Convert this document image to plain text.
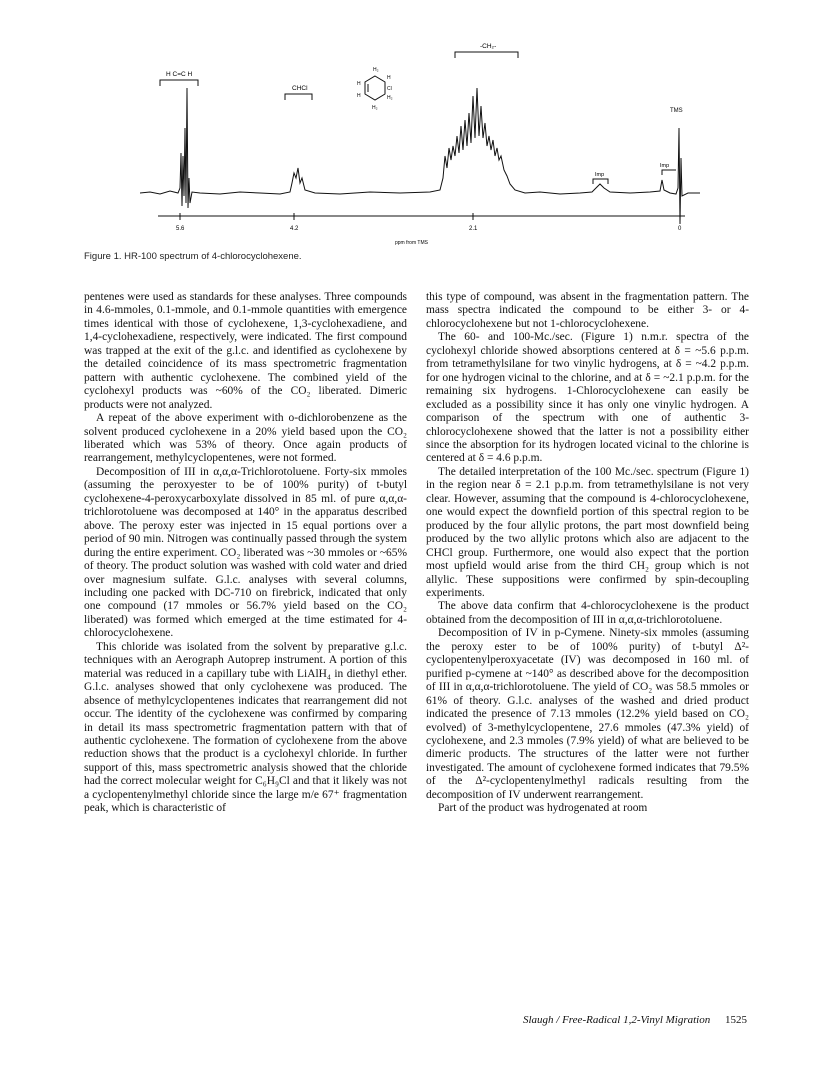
5.6	4.2	2.1	0
ppm from TMS
H C=C H
CHCl
-CH₂-
TMS
Imp
Imp
H₂
H
H
Cl
H	H₂
H₂
Figure 1. HR-100 spectrum of 4-chlorocyclohexene.

pentenes were used as standards for these analyses. Three compounds in 4.6-mmoles, 0.1-mmole, and 0.1-mmole quantities with emergence times identical with those of cyclohexene, 1,3-cyclohexadiene, and 1,4-cyclohexadiene, respectively, were indicated. The first compound was trapped at the exit of the g.l.c. and identified as cyclohexene by the detailed coincidence of its mass spectrometric fragmentation pattern with authentic cyclohexene. The combined yield of the cyclohexyl products was ~60% of the CO₂ liberated. Dimeric products were not analyzed.

A repeat of the above experiment with o-dichlorobenzene as the solvent produced cyclohexene in a 20% yield based upon the CO₂ liberated which was 53% of theory. Once again products of rearrangement, methylcyclopentenes, were not formed.

Decomposition of III in α,α,α-Trichlorotoluene. Forty-six mmoles (assuming the peroxyester to be of 100% purity) of t-butyl cyclohexene-4-peroxycarboxylate dissolved in 85 ml. of pure α,α,α-trichlorotoluene was decomposed at 140° in the apparatus described above. The peroxy ester was injected in 15 equal portions over a period of 90 min. Nitrogen was continually passed through the system during the entire experiment. CO₂ liberated was ~30 mmoles or ~65% of theory. The product solution was washed with cold water and dried over magnesium sulfate. G.l.c. analyses with several columns, including one packed with DC-710 on firebrick, indicated that only one compound (17 mmoles or 56.7% yield based on the CO₂ liberated) was formed which emerged at the time estimated for 4-chlorocyclohexene.

This chloride was isolated from the solvent by preparative g.l.c. techniques with an Aerograph Autoprep instrument. A portion of this material was reduced in a capillary tube with LiAlH₄ in diethyl ether. G.l.c. analyses showed that only cyclohexene was produced. The absence of methylcyclopentenes indicates that rearrangement did not occur. The identity of the cyclohexene was confirmed by comparing in detail its mass spectrometric fragmentation pattern with that of authentic cyclohexene. The formation of cyclohexene from the above reduction shows that the product is a cyclohexyl chloride. In further support of this, mass spectrometric analysis showed that the chloride had the correct molecular weight for C₆H₉Cl and that it likely was not a cyclopentenylmethyl chloride since the large m/e 67⁺ fragmentation peak, which is characteristic of

this type of compound, was absent in the fragmentation pattern. The mass spectra indicated the compound to be either 3- or 4-chlorocyclohexene but not 1-chlorocyclohexene.

The 60- and 100-Mc./sec. (Figure 1) n.m.r. spectra of the cyclohexyl chloride showed absorptions centered at δ = ~5.6 p.p.m. from tetramethylsilane for two vinylic hydrogens, at δ = ~4.2 p.p.m. for one hydrogen vicinal to the chlorine, and at δ = ~2.1 p.p.m. for the remaining six hydrogens. 1-Chlorocyclohexene can easily be excluded as a possibility since it has only one vinylic hydrogen. A comparison of the spectrum with one of authentic 3-chlorocyclohexene showed that the latter is not a possibility either since the absorption for its hydrogen located vicinal to the chlorine is centered at δ = 4.6 p.p.m.

The detailed interpretation of the 100 Mc./sec. spectrum (Figure 1) in the region near δ = 2.1 p.p.m. from tetramethylsilane is not very clear. However, assuming that the compound is 4-chlorocyclohexene, one would expect the downfield portion of this spectral region to be produced by the four allylic protons, the part most downfield being produced by the two allylic protons which also are adjacent to the CHCl group. Furthermore, one would also expect that the portion most upfield would arise from the third CH₂ group which is not allylic. These suppositions were confirmed by spin-decoupling experiments.

The above data confirm that 4-chlorocyclohexene is the product obtained from the decomposition of III in α,α,α-trichlorotoluene.

Decomposition of IV in p-Cymene. Ninety-six mmoles (assuming the peroxy ester to be of 100% purity) of t-butyl Δ²-cyclopentenylperoxyacetate (IV) was decomposed in 160 ml. of purified p-cymene at ~140° as described above for the decomposition of III in α,α,α-trichlorotoluene. The yield of CO₂ was 58.5 mmoles or 61% of theory. G.l.c. analyses of the washed and dried product indicated the presence of 7.13 mmoles (12.2% yield based on CO₂ evolved) of 3-methylcyclopentene, 27.6 mmoles (47.3% yield) of cyclohexene, and 2.3 mmoles (7.9% yield) of what are believed to be dimeric products. The structures of the latter were not further investigated. The amount of cyclohexene formed indicates that 79.5% of the Δ²-cyclopentenylmethyl radicals resulting from the decomposition of IV underwent rearrangement.

Part of the product was hydrogenated at room

Slaugh / Free-Radical 1,2-Vinyl Migration 1525
